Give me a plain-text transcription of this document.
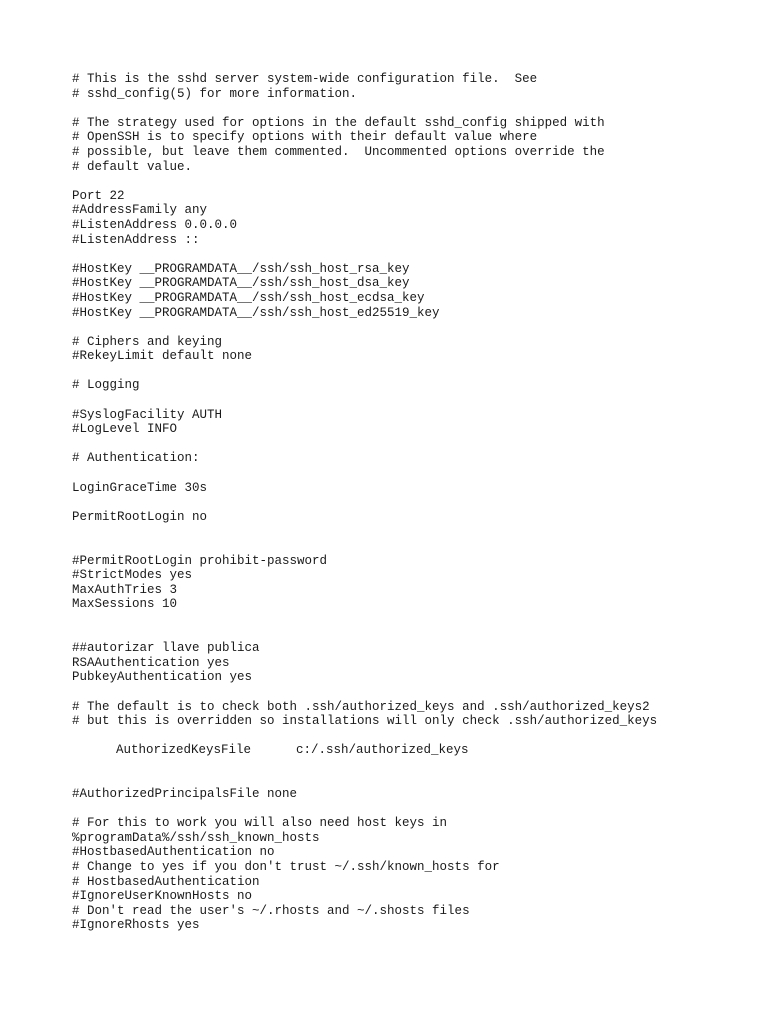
# This is the sshd server system-wide configuration file.  See
# sshd_config(5) for more information.
# The strategy used for options in the default sshd_config shipped with
# OpenSSH is to specify options with their default value where
# possible, but leave them commented.  Uncommented options override the
# default value.
Port 22
#AddressFamily any
#ListenAddress 0.0.0.0
#ListenAddress ::
#HostKey __PROGRAMDATA__/ssh/ssh_host_rsa_key
#HostKey __PROGRAMDATA__/ssh/ssh_host_dsa_key
#HostKey __PROGRAMDATA__/ssh/ssh_host_ecdsa_key
#HostKey __PROGRAMDATA__/ssh/ssh_host_ed25519_key
# Ciphers and keying
#RekeyLimit default none
# Logging
#SyslogFacility AUTH
#LogLevel INFO
# Authentication:
LoginGraceTime 30s
PermitRootLogin no
#PermitRootLogin prohibit-password
#StrictModes yes
MaxAuthTries 3
MaxSessions 10
##autorizar llave publica
RSAAuthentication yes
PubkeyAuthentication yes
# The default is to check both .ssh/authorized_keys and .ssh/authorized_keys2
# but this is overridden so installations will only check .ssh/authorized_keys
AuthorizedKeysFile      c:/.ssh/authorized_keys
#AuthorizedPrincipalsFile none
# For this to work you will also need host keys in
%programData%/ssh/ssh_known_hosts
#HostbasedAuthentication no
# Change to yes if you don't trust ~/.ssh/known_hosts for
# HostbasedAuthentication
#IgnoreUserKnownHosts no
# Don't read the user's ~/.rhosts and ~/.shosts files
#IgnoreRhosts yes
